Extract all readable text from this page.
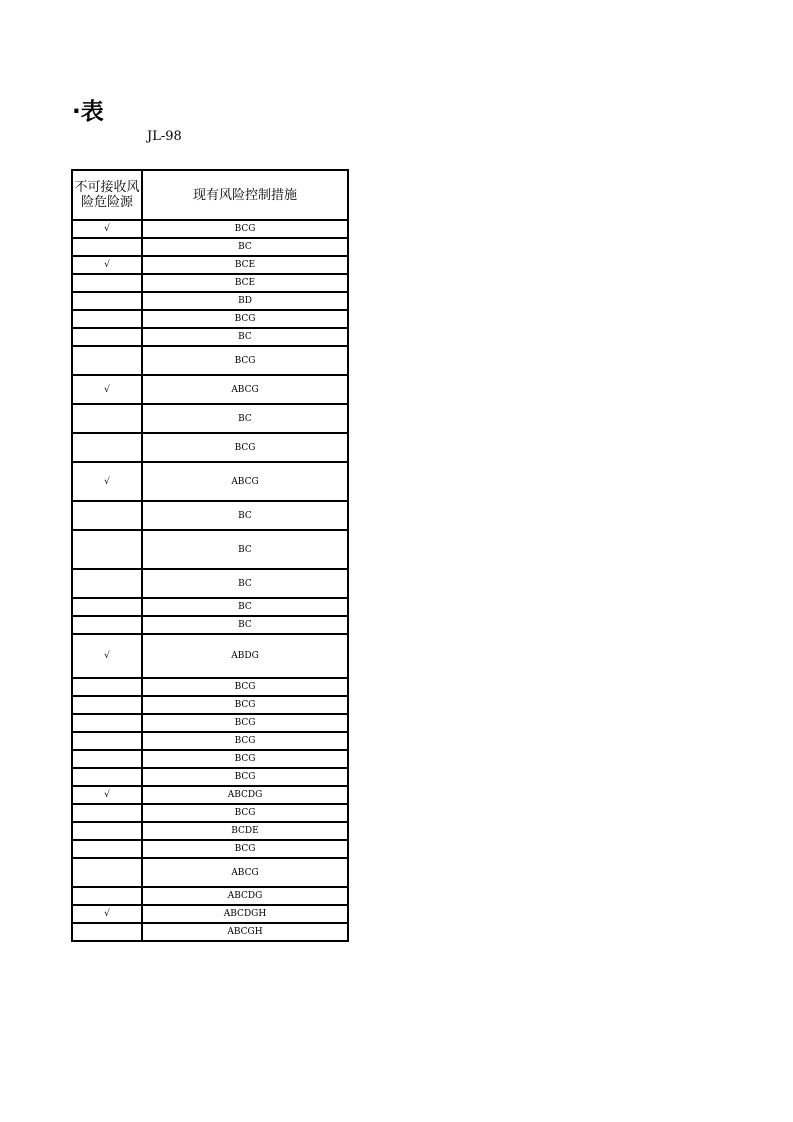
·表
JL-98
不可接收风险危险源	现有风险控制措施
√	BCG
	BC
√	BCE
	BCE
	BD
	BCG
	BC
	BCG
√	ABCG
	BC
	BCG
√	ABCG
	BC
	BC
	BC
	BC
	BC
√	ABDG
	BCG
	BCG
	BCG
	BCG
	BCG
	BCG
√	ABCDG
	BCG
	BCDE
	BCG
	ABCG
	ABCDG
√	ABCDGH
	ABCGH
